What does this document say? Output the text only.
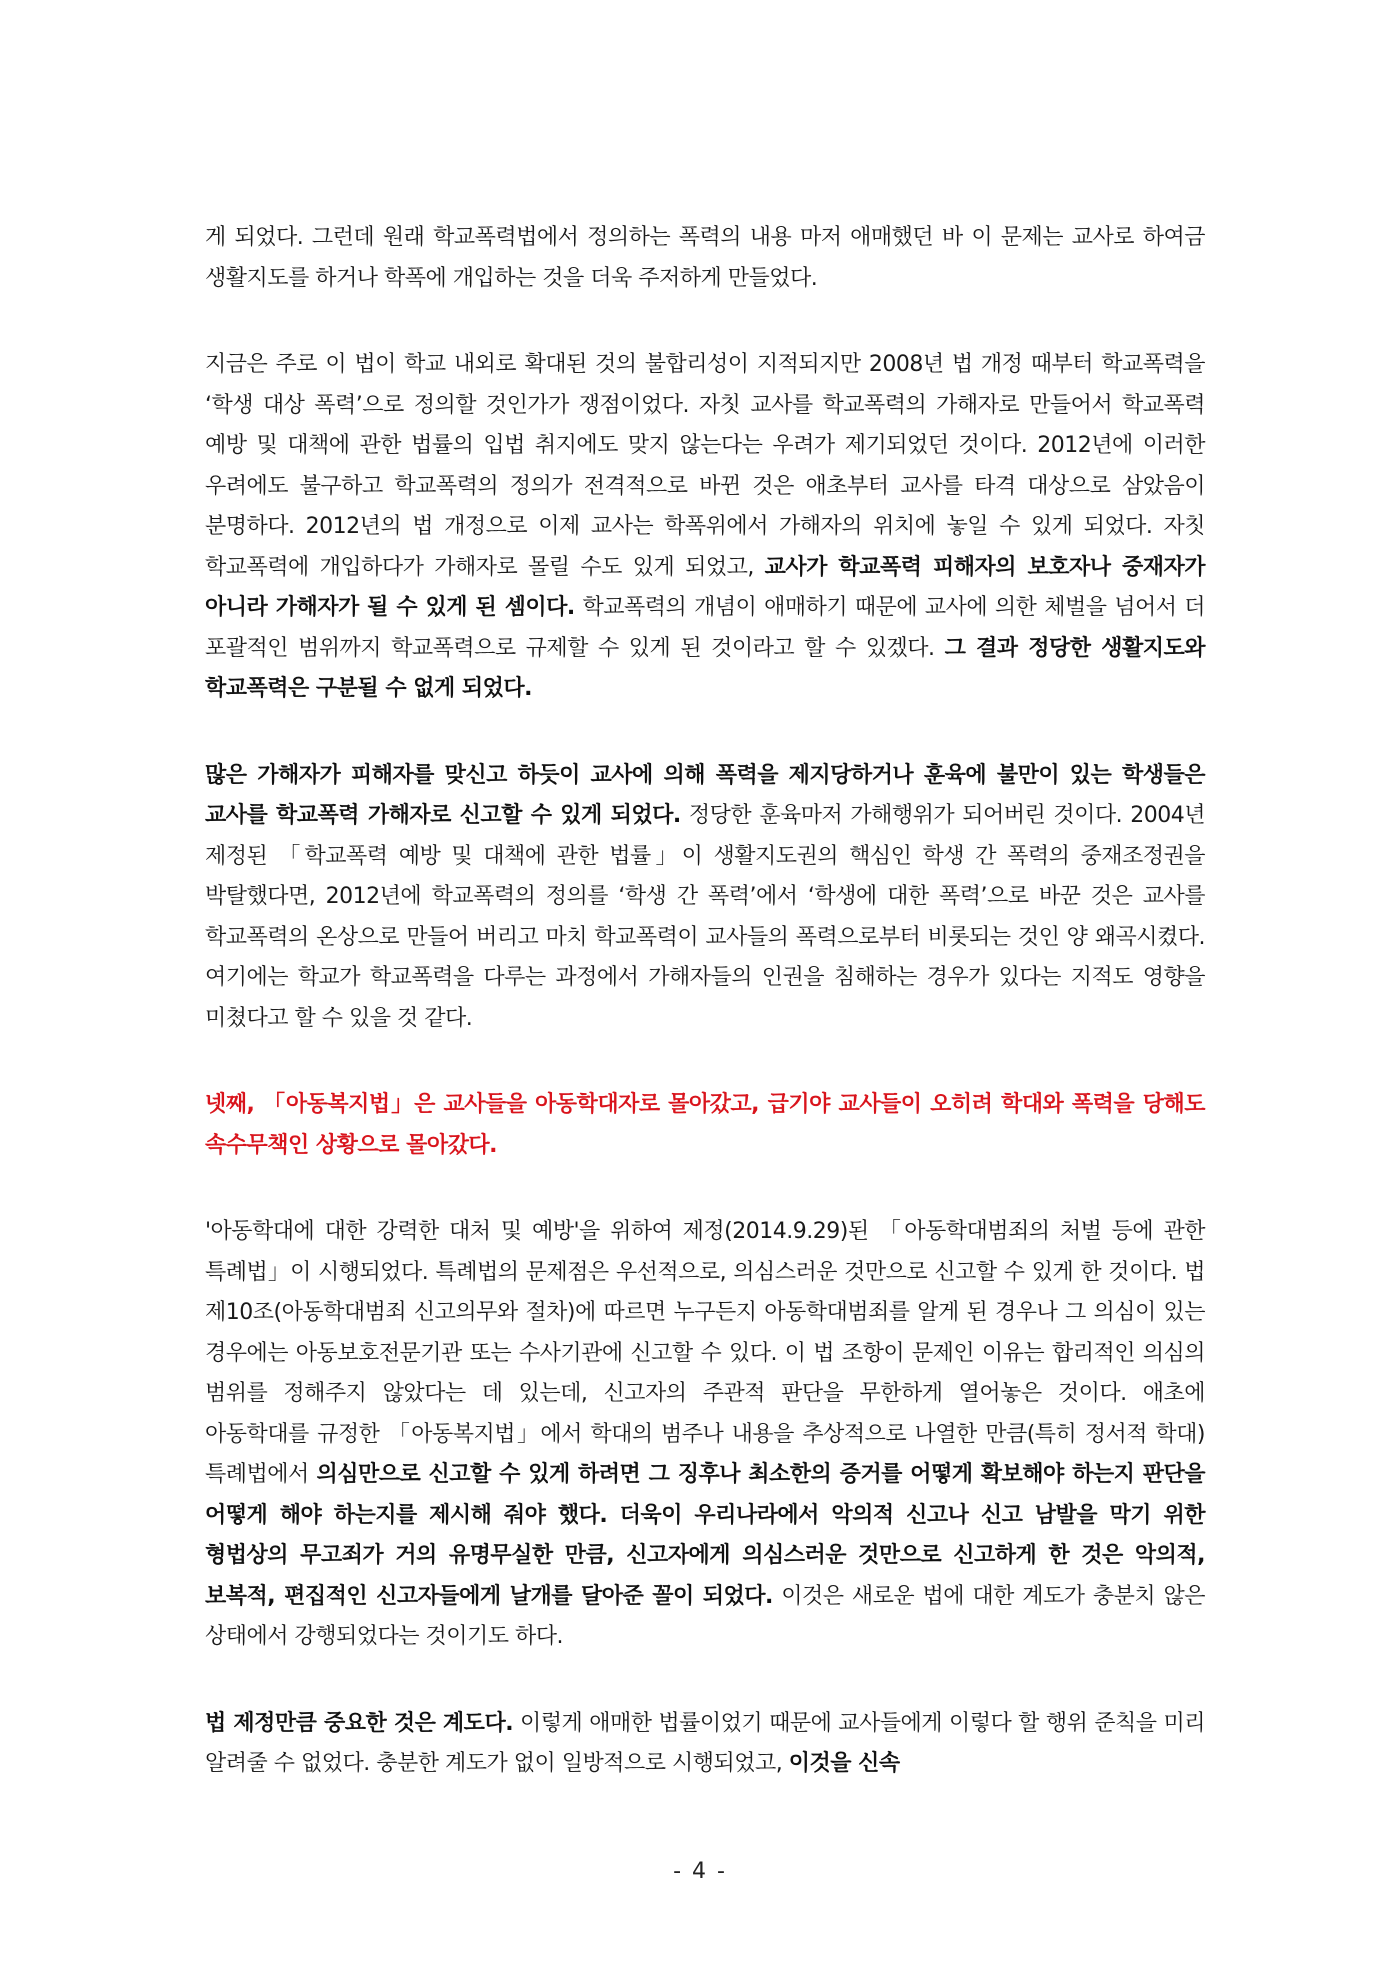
게 되었다. 그런데 원래 학교폭력법에서 정의하는 폭력의 내용 마저 애매했던 바 이 문제는 교사로 하여금 생활지도를 하거나 학폭에 개입하는 것을 더욱 주저하게 만들었다.

지금은 주로 이 법이 학교 내외로 확대된 것의 불합리성이 지적되지만 2008년 법 개정 때부터 학교폭력을 ‘학생 대상 폭력’으로 정의할 것인가가 쟁점이었다. 자칫 교사를 학교폭력의 가해자로 만들어서 학교폭력 예방 및 대책에 관한 법률의 입법 취지에도 맞지 않는다는 우려가 제기되었던 것이다. 2012년에 이러한 우려에도 불구하고 학교폭력의 정의가 전격적으로 바뀐 것은 애초부터 교사를 타격 대상으로 삼았음이 분명하다. 2012년의 법 개정으로 이제 교사는 학폭위에서 가해자의 위치에 놓일 수 있게 되었다. 자칫 학교폭력에 개입하다가 가해자로 몰릴 수도 있게 되었고, 교사가 학교폭력 피해자의 보호자나 중재자가 아니라 가해자가 될 수 있게 된 셈이다. 학교폭력의 개념이 애매하기 때문에 교사에 의한 체벌을 넘어서 더 포괄적인 범위까지 학교폭력으로 규제할 수 있게 된 것이라고 할 수 있겠다. 그 결과 정당한 생활지도와 학교폭력은 구분될 수 없게 되었다.

많은 가해자가 피해자를 맞신고 하듯이 교사에 의해 폭력을 제지당하거나 훈육에 불만이 있는 학생들은 교사를 학교폭력 가해자로 신고할 수 있게 되었다. 정당한 훈육마저 가해행위가 되어버린 것이다. 2004년 제정된 「학교폭력 예방 및 대책에 관한 법률」이 생활지도권의 핵심인 학생 간 폭력의 중재조정권을 박탈했다면, 2012년에 학교폭력의 정의를 ‘학생 간 폭력’에서 ‘학생에 대한 폭력’으로 바꾼 것은 교사를 학교폭력의 온상으로 만들어 버리고 마치 학교폭력이 교사들의 폭력으로부터 비롯되는 것인 양 왜곡시켰다. 여기에는 학교가 학교폭력을 다루는 과정에서 가해자들의 인권을 침해하는 경우가 있다는 지적도 영향을 미쳤다고 할 수 있을 것 같다.

넷째, 「아동복지법」은 교사들을 아동학대자로 몰아갔고, 급기야 교사들이 오히려 학대와 폭력을 당해도 속수무책인 상황으로 몰아갔다.

'아동학대에 대한 강력한 대처 및 예방'을 위하여 제정(2014.9.29)된 「아동학대범죄의 처벌 등에 관한 특례법」이 시행되었다. 특례법의 문제점은 우선적으로, 의심스러운 것만으로 신고할 수 있게 한 것이다. 법 제10조(아동학대범죄 신고의무와 절차)에 따르면 누구든지 아동학대범죄를 알게 된 경우나 그 의심이 있는 경우에는 아동보호전문기관 또는 수사기관에 신고할 수 있다. 이 법 조항이 문제인 이유는 합리적인 의심의 범위를 정해주지 않았다는 데 있는데, 신고자의 주관적 판단을 무한하게 열어놓은 것이다. 애초에 아동학대를 규정한 「아동복지법」에서 학대의 범주나 내용을 추상적으로 나열한 만큼(특히 정서적 학대) 특례법에서 의심만으로 신고할 수 있게 하려면 그 징후나 최소한의 증거를 어떻게 확보해야 하는지 판단을 어떻게 해야 하는지를 제시해 줘야 했다. 더욱이 우리나라에서 악의적 신고나 신고 남발을 막기 위한 형법상의 무고죄가 거의 유명무실한 만큼, 신고자에게 의심스러운 것만으로 신고하게 한 것은 악의적, 보복적, 편집적인 신고자들에게 날개를 달아준 꼴이 되었다. 이것은 새로운 법에 대한 계도가 충분치 않은 상태에서 강행되었다는 것이기도 하다.

법 제정만큼 중요한 것은 계도다. 이렇게 애매한 법률이었기 때문에 교사들에게 이렇다 할 행위 준칙을 미리 알려줄 수 없었다. 충분한 계도가 없이 일방적으로 시행되었고, 이것을 신속

- 4 -
